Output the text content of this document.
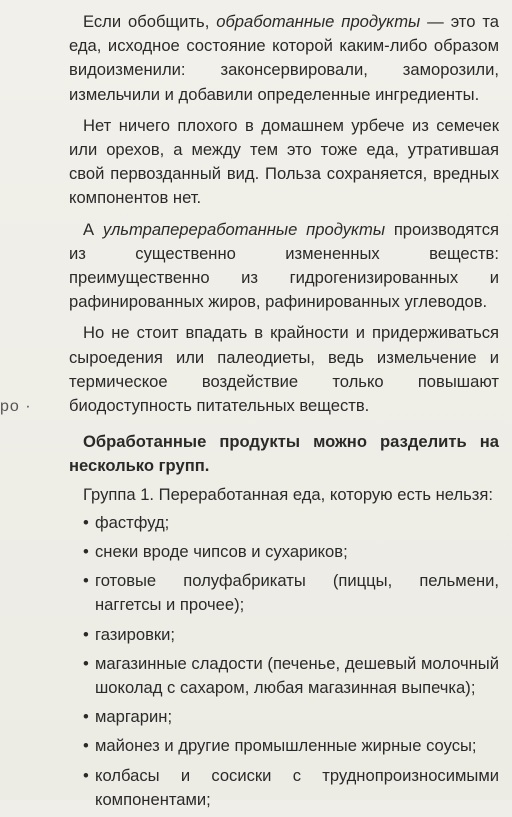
ро ·

Если обобщить, обработанные продукты — это та еда, исходное состояние которой каким-либо образом видоизменили: законсервировали, заморозили, измельчили и добавили определенные ингредиенты.

Нет ничего плохого в домашнем урбече из семечек или орехов, а между тем это тоже еда, утратившая свой первозданный вид. Польза сохраняется, вредных компонентов нет.

А ультрапереработанные продукты производятся из существенно измененных веществ: преимущественно из гидрогенизированных и рафинированных жиров, рафинированных углеводов.

Но не стоит впадать в крайности и придерживаться сыроедения или палеодиеты, ведь измельчение и термическое воздействие только повышают биодоступность питательных веществ.

Обработанные продукты можно разделить на несколько групп.

Группа 1. Переработанная еда, которую есть нельзя:

• фастфуд;
• снеки вроде чипсов и сухариков;
• готовые полуфабрикаты (пиццы, пельмени, наггетсы и прочее);
• газировки;
• магазинные сладости (печенье, дешевый молочный шоколад с сахаром, любая магазинная выпечка);
• маргарин;
• майонез и другие промышленные жирные соусы;
• колбасы и сосиски с труднопроизносимыми компонентами;
